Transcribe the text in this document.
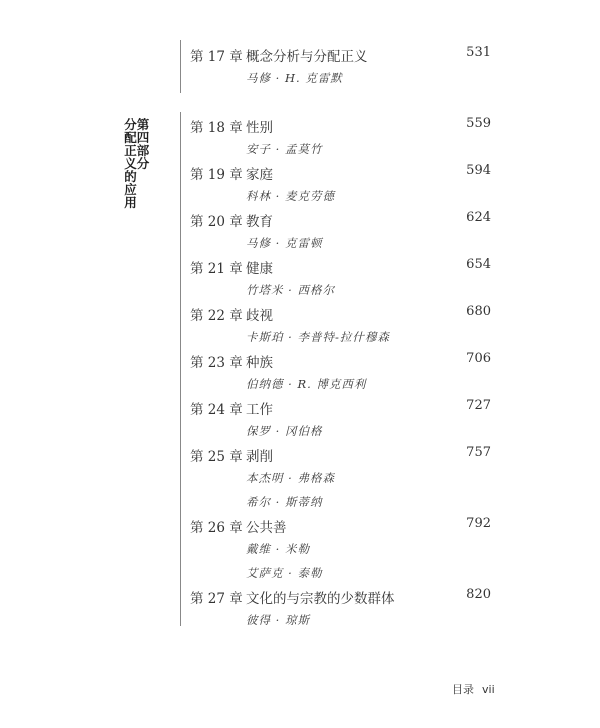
第四部分
分配正义的应用
第 17 章 概念分析与分配正义	531
马修 · H. 克雷默
第 18 章 性别	559
安子 · 孟莫竹
第 19 章 家庭	594
科林 · 麦克劳德
第 20 章 教育	624
马修 · 克雷顿
第 21 章 健康	654
竹塔米 · 西格尔
第 22 章 歧视	680
卡斯珀 · 李普特-拉什穆森
第 23 章 种族	706
伯纳德 · R. 博克西利
第 24 章 工作	727
保罗 · 冈伯格
第 25 章 剥削	757
本杰明 · 弗格森
希尔 · 斯蒂纳
第 26 章 公共善	792
戴维 · 米勒
艾萨克 · 泰勒
第 27 章 文化的与宗教的少数群体	820
彼得 · 琼斯
目录 vii
